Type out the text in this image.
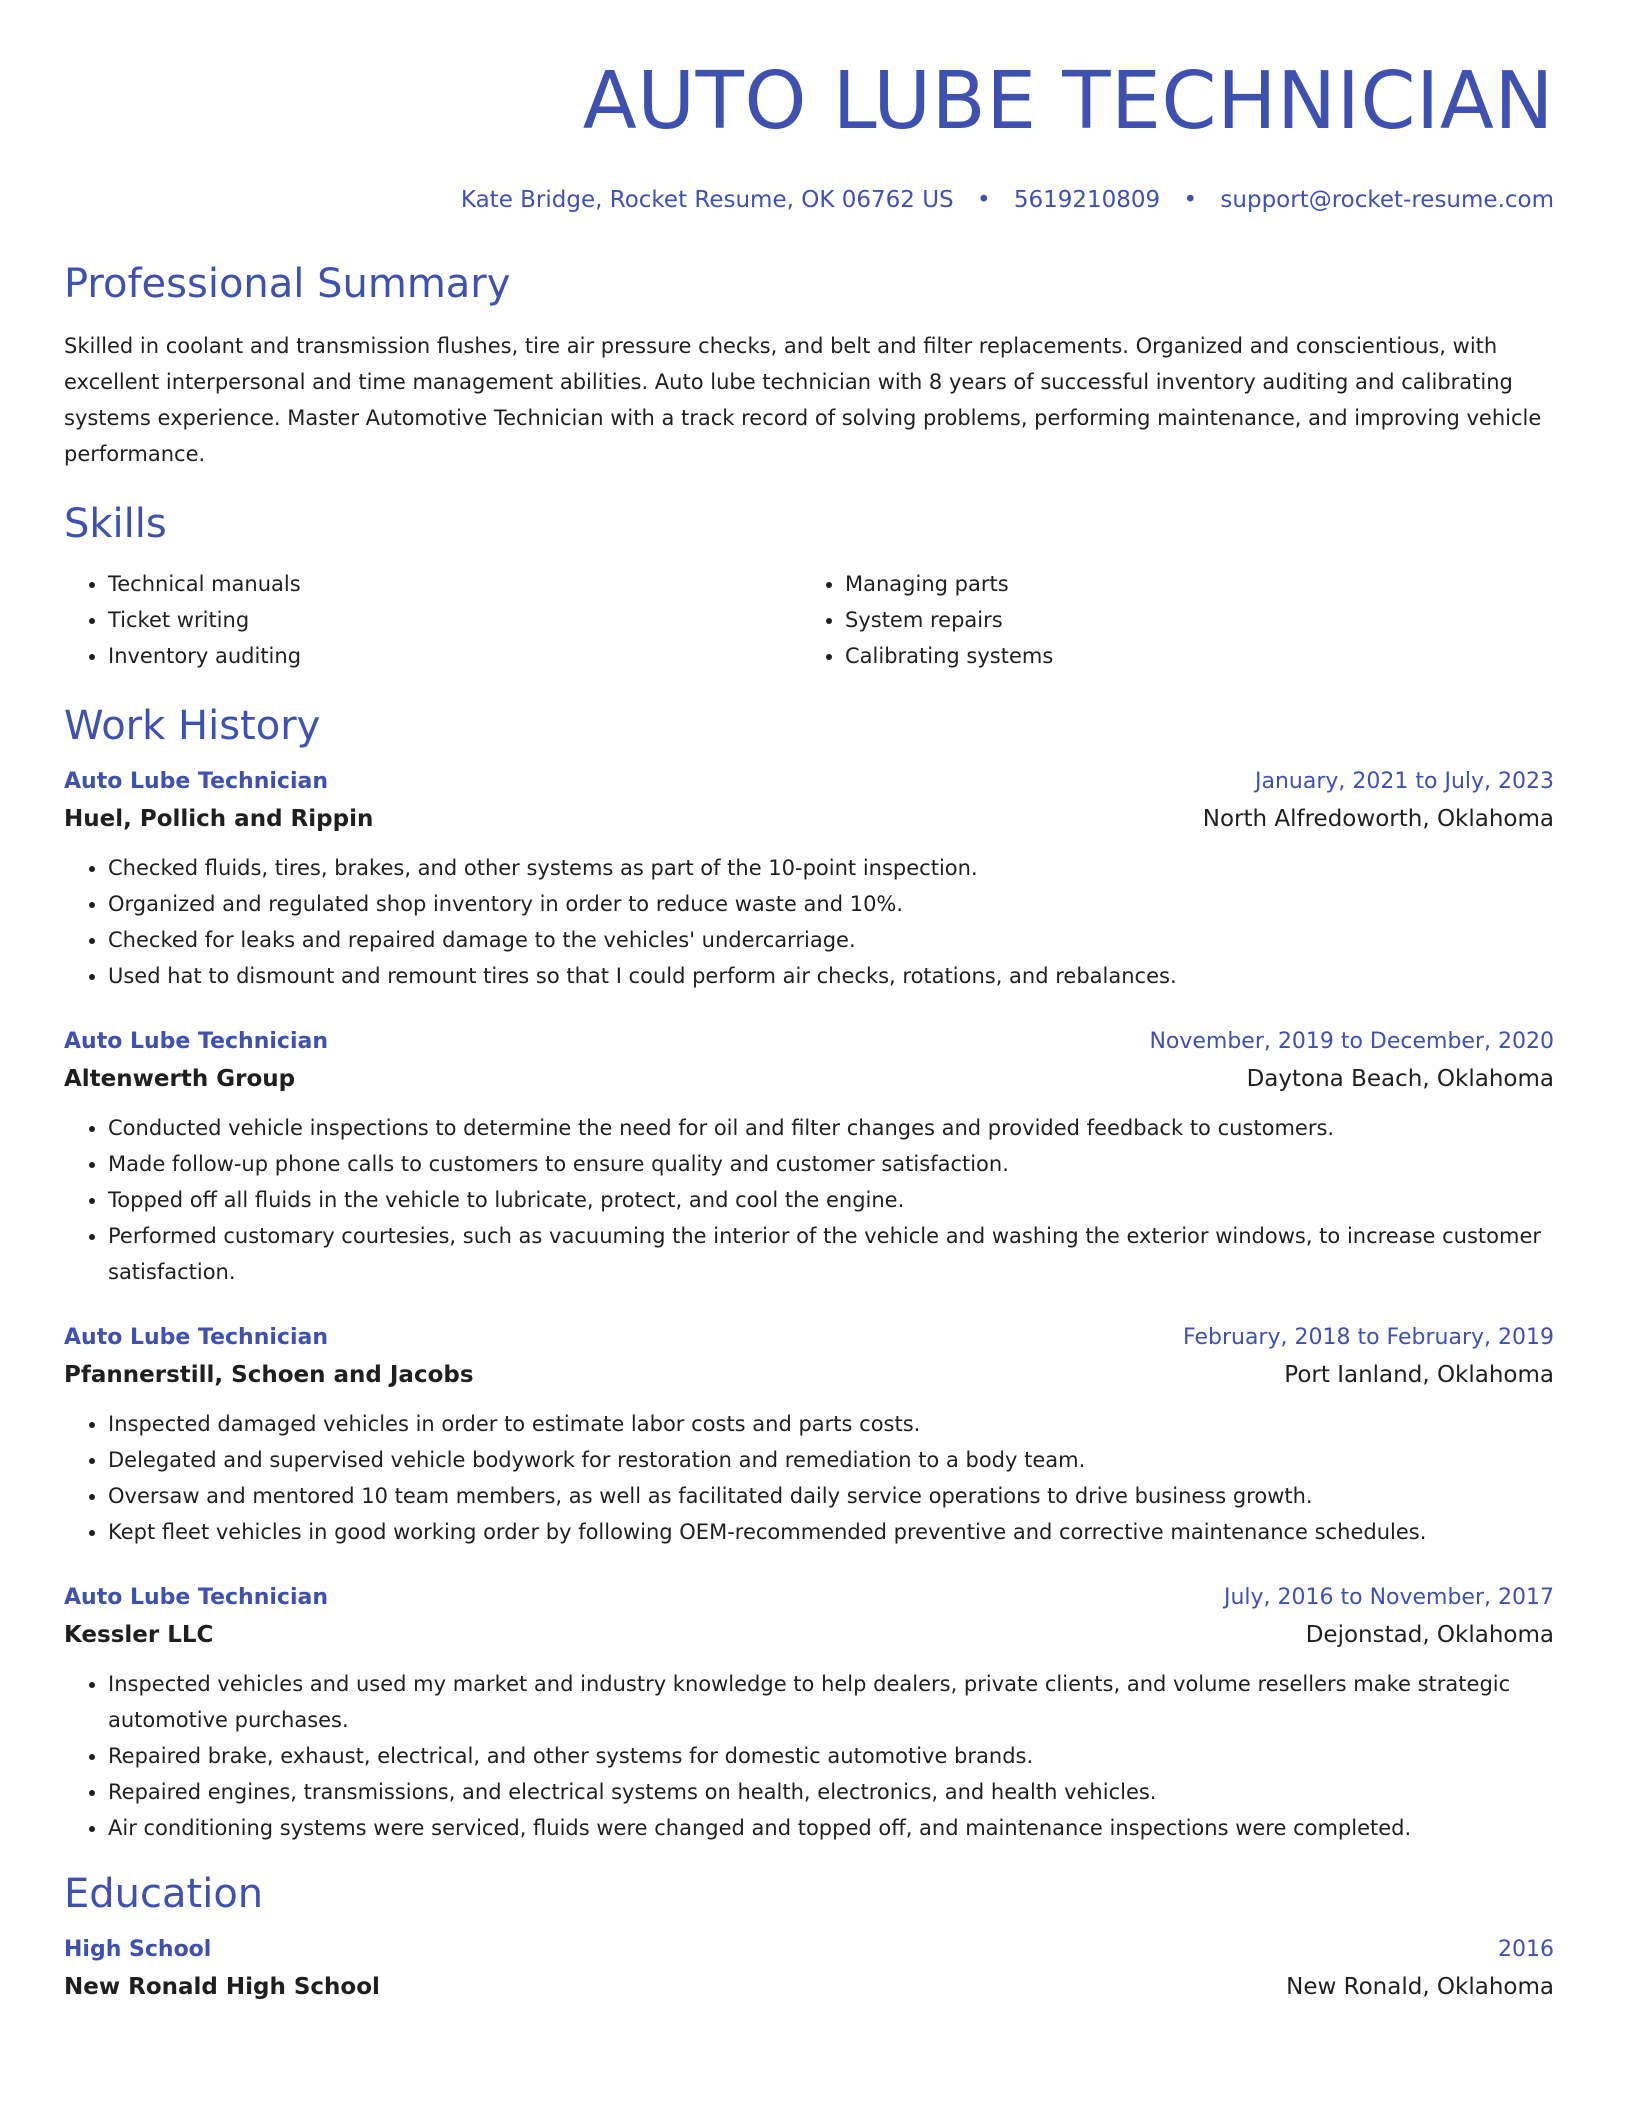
AUTO LUBE TECHNICIAN
Kate Bridge, Rocket Resume, OK 06762 US • 5619210809 • support@rocket-resume.com
Professional Summary
Skilled in coolant and transmission flushes, tire air pressure checks, and belt and filter replacements. Organized and conscientious, with excellent interpersonal and time management abilities. Auto lube technician with 8 years of successful inventory auditing and calibrating systems experience. Master Automotive Technician with a track record of solving problems, performing maintenance, and improving vehicle performance.
Skills
• Technical manuals
• Ticket writing
• Inventory auditing
• Managing parts
• System repairs
• Calibrating systems
Work History
Auto Lube Technician	January, 2021 to July, 2023
Huel, Pollich and Rippin	North Alfredoworth, Oklahoma
• Checked fluids, tires, brakes, and other systems as part of the 10-point inspection.
• Organized and regulated shop inventory in order to reduce waste and 10%.
• Checked for leaks and repaired damage to the vehicles' undercarriage.
• Used hat to dismount and remount tires so that I could perform air checks, rotations, and rebalances.
Auto Lube Technician	November, 2019 to December, 2020
Altenwerth Group	Daytona Beach, Oklahoma
• Conducted vehicle inspections to determine the need for oil and filter changes and provided feedback to customers.
• Made follow-up phone calls to customers to ensure quality and customer satisfaction.
• Topped off all fluids in the vehicle to lubricate, protect, and cool the engine.
• Performed customary courtesies, such as vacuuming the interior of the vehicle and washing the exterior windows, to increase customer satisfaction.
Auto Lube Technician	February, 2018 to February, 2019
Pfannerstill, Schoen and Jacobs	Port Ianland, Oklahoma
• Inspected damaged vehicles in order to estimate labor costs and parts costs.
• Delegated and supervised vehicle bodywork for restoration and remediation to a body team.
• Oversaw and mentored 10 team members, as well as facilitated daily service operations to drive business growth.
• Kept fleet vehicles in good working order by following OEM-recommended preventive and corrective maintenance schedules.
Auto Lube Technician	July, 2016 to November, 2017
Kessler LLC	Dejonstad, Oklahoma
• Inspected vehicles and used my market and industry knowledge to help dealers, private clients, and volume resellers make strategic automotive purchases.
• Repaired brake, exhaust, electrical, and other systems for domestic automotive brands.
• Repaired engines, transmissions, and electrical systems on health, electronics, and health vehicles.
• Air conditioning systems were serviced, fluids were changed and topped off, and maintenance inspections were completed.
Education
High School	2016
New Ronald High School	New Ronald, Oklahoma
